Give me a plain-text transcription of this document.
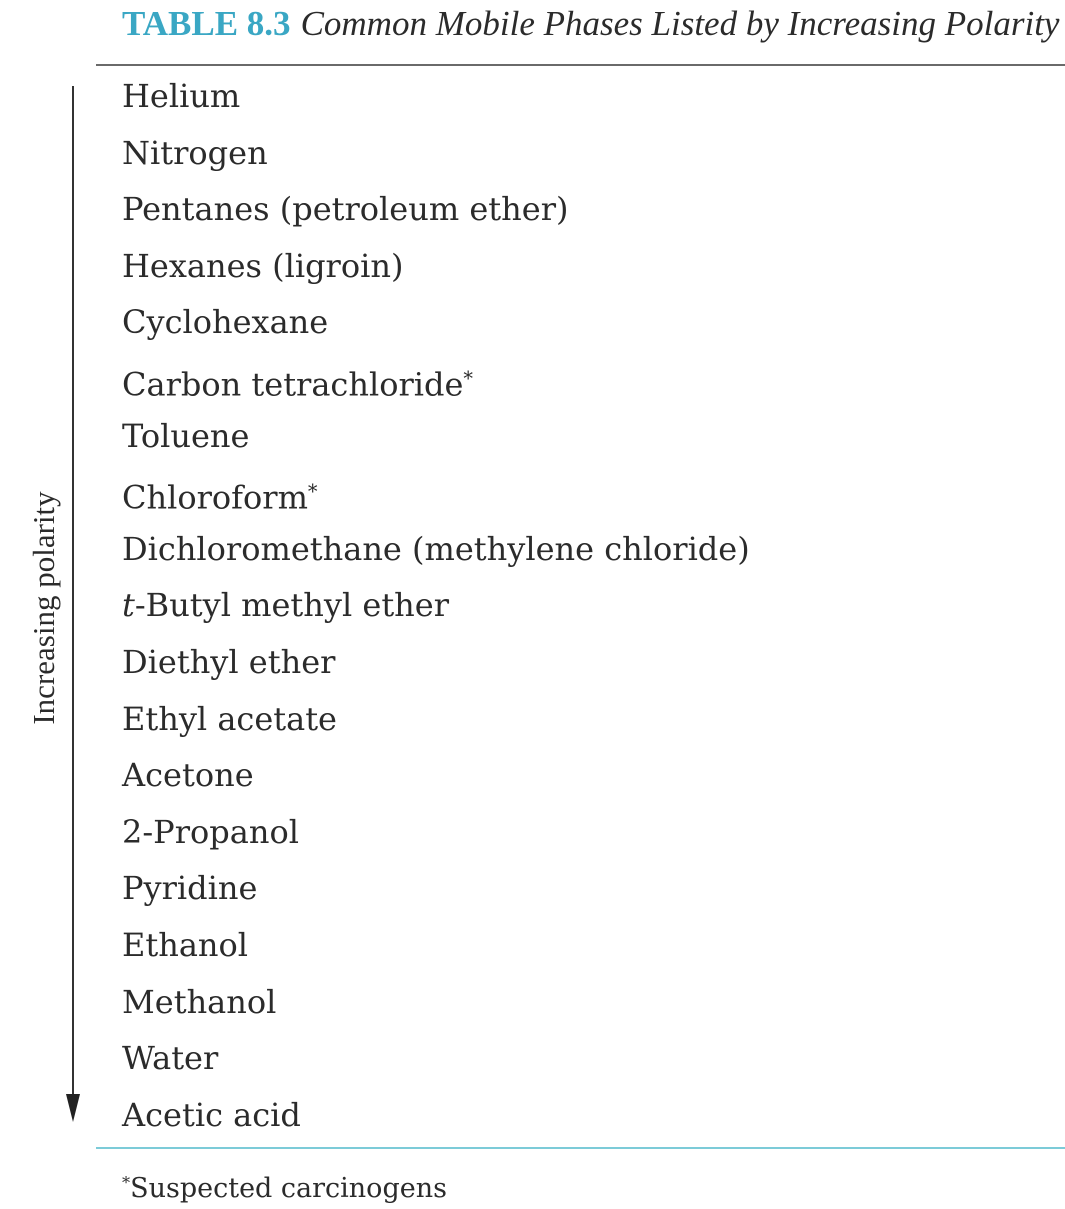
TABLE 8.3 Common Mobile Phases Listed by Increasing Polarity
Increasing polarity
Helium
Nitrogen
Pentanes (petroleum ether)
Hexanes (ligroin)
Cyclohexane
Carbon tetrachloride*
Toluene
Chloroform*
Dichloromethane (methylene chloride)
t-Butyl methyl ether
Diethyl ether
Ethyl acetate
Acetone
2-Propanol
Pyridine
Ethanol
Methanol
Water
Acetic acid
*Suspected carcinogens
